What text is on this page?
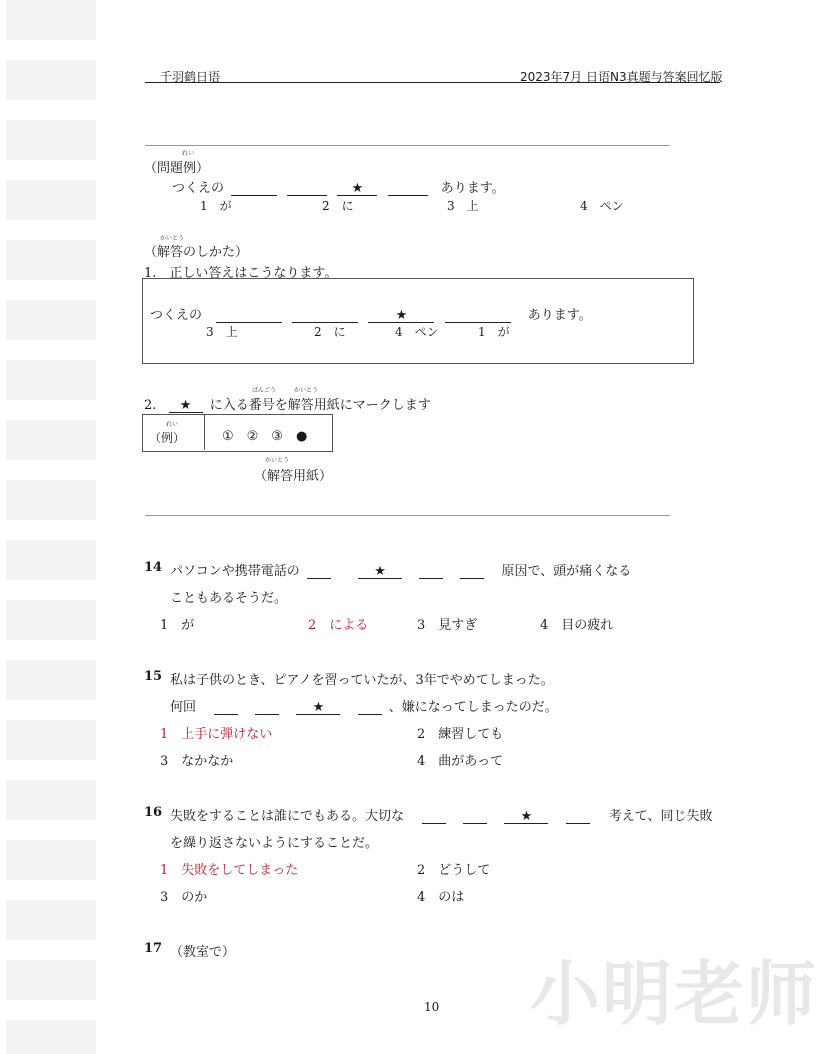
小明老师
千羽鹤日语	2023年7月 日语N3真题与答案回忆版
れい
（問題例）
つくえの	★	あります。
1　が	2　に	3　上	4　ペン
かいとう
（解答のしかた）
1.　正しい答えはこうなります。
つくえの	★	あります。
3　上	2　に	4　ペン	1　が
ばんごう	かいとう
2. ★ に入る番号を解答用紙にマークします
れい
（例）	①　②　③　●
かいとう
（解答用紙）
14 パソコンや携帯電話の	★	原因で、頭が痛くなる
こともあるそうだ。
1　が	2　による	3　見すぎ	4　目の疲れ
15 私は子供のとき、ピアノを習っていたが、3年でやめてしまった。
何回	★	、嫌になってしまったのだ。
1　上手に弾けない	2　練習しても
3　なかなか	4　曲があって
16 失敗をすることは誰にでもある。大切な	★	考えて、同じ失敗
を繰り返さないようにすることだ。
1　失敗をしてしまった	2　どうして
3　のか	4　のは
17 （教室で）
10
